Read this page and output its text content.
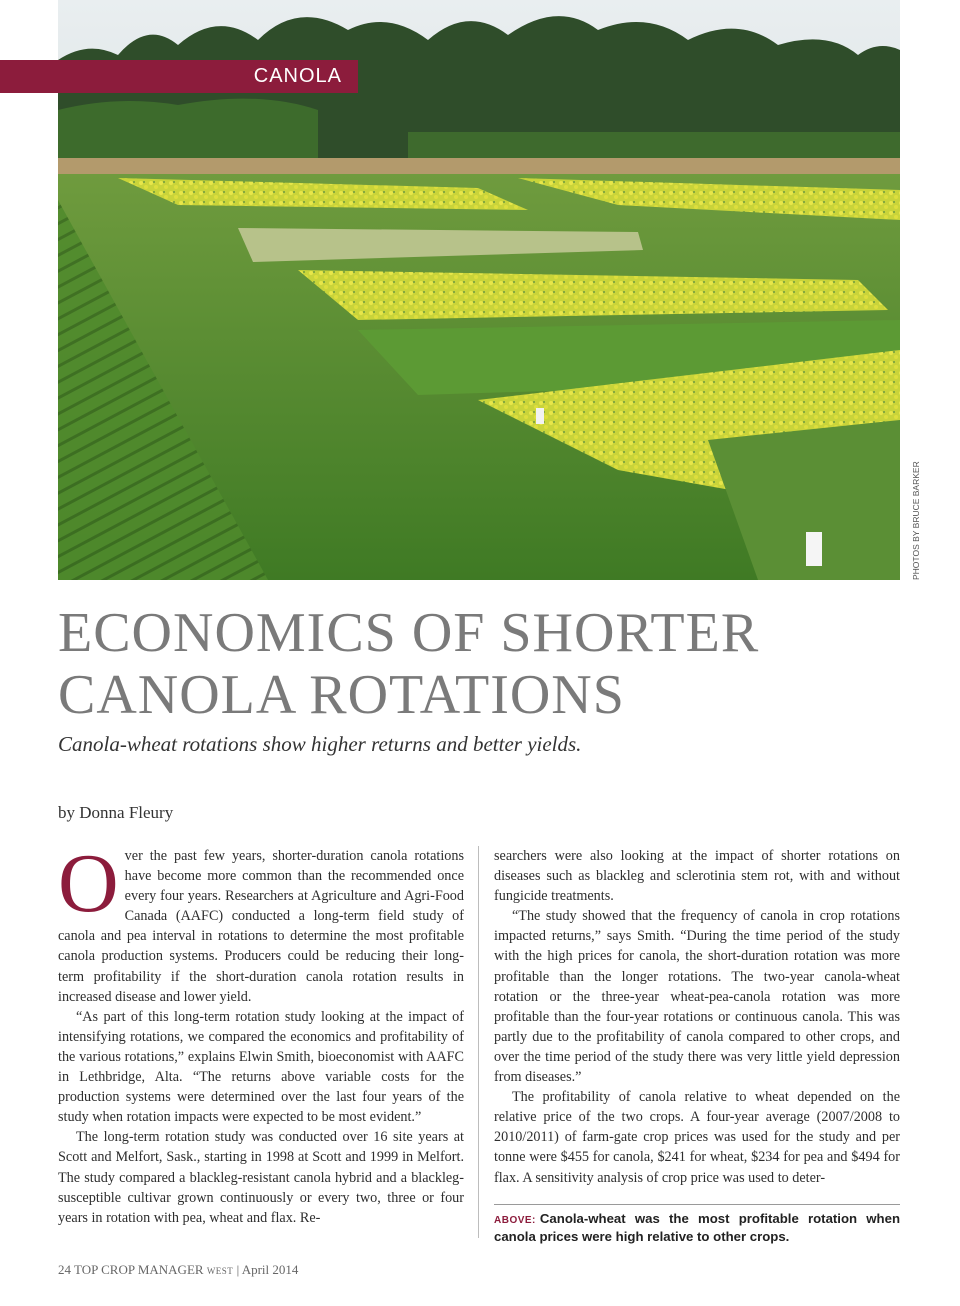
CANOLA
PHOTOS BY BRUCE BARKER
ECONOMICS OF SHORTER
CANOLA ROTATIONS

Canola-wheat rotations show higher returns and better yields.

by Donna Fleury

Over the past few years, shorter-duration canola rotations have become more common than the recommended once every four years. Researchers at Agriculture and Agri-Food Canada (AAFC) conducted a long-term field study of canola and pea interval in rotations to determine the most profitable canola production systems. Producers could be reducing their long-term profitability if the short-duration canola rotation results in increased disease and lower yield.

“As part of this long-term rotation study looking at the impact of intensifying rotations, we compared the economics and profitability of the various rotations,” explains Elwin Smith, bioeconomist with AAFC in Lethbridge, Alta. “The returns above variable costs for the production systems were determined over the last four years of the study when rotation impacts were expected to be most evident.”

The long-term rotation study was conducted over 16 site years at Scott and Melfort, Sask., starting in 1998 at Scott and 1999 in Melfort. The study compared a blackleg-resistant canola hybrid and a blackleg-susceptible cultivar grown continuously or every two, three or four years in rotation with pea, wheat and flax. Re-

searchers were also looking at the impact of shorter rotations on diseases such as blackleg and sclerotinia stem rot, with and without fungicide treatments.

“The study showed that the frequency of canola in crop rotations impacted returns,” says Smith. “During the time period of the study with the high prices for canola, the short-duration rotation was more profitable than the longer rotations. The two-year canola-wheat rotation or the three-year wheat-pea-canola rotation was more profitable than the four-year rotations or continuous canola. This was partly due to the profitability of canola compared to other crops, and over the time period of the study there was very little yield depression from diseases.”

The profitability of canola relative to wheat depended on the relative price of the two crops. A four-year average (2007/2008 to 2010/2011) of farm-gate crop prices was used for the study and per tonne were $455 for canola, $241 for wheat, $234 for pea and $494 for flax. A sensitivity analysis of crop price was used to deter-

ABOVE: Canola-wheat was the most profitable rotation when canola prices were high relative to other crops.
24 TOP CROP MANAGER WEST | April 2014
